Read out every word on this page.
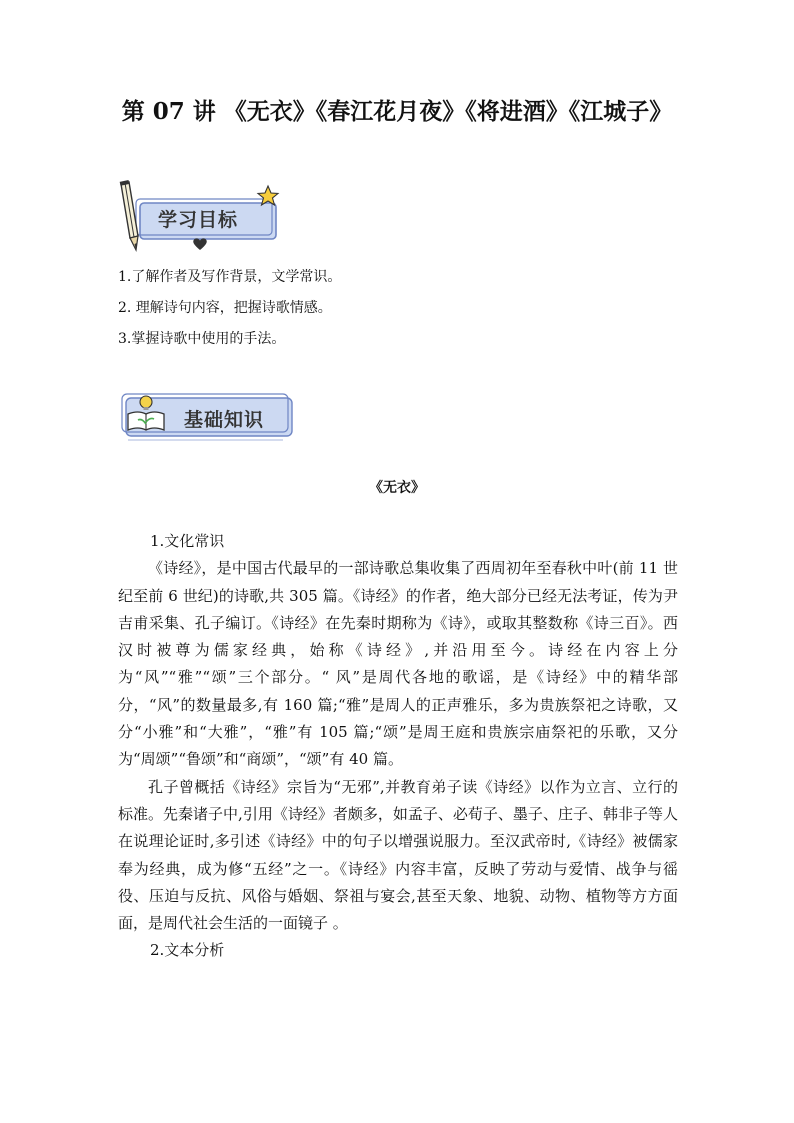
第 07 讲 《无衣》《春江花月夜》《将进酒》《江城子》
学习目标
1.了解作者及写作背景，文学常识。
2. 理解诗句内容，把握诗歌情感。
3.掌握诗歌中使用的手法。
基础知识
《无衣》

1.文化常识

《诗经》，是中国古代最早的一部诗歌总集收集了西周初年至春秋中叶(前 11 世纪至前 6 世纪)的诗歌,共 305 篇。《诗经》的作者，绝大部分已经无法考证，传为尹吉甫采集、孔子编订。《诗经》在先秦时期称为《诗》，或取其整数称《诗三百》。西汉时被尊为儒家经典，始称《诗经》,并沿用至今。诗经在内容上分为“风”“雅”“颂”三个部分。“ 风”是周代各地的歌谣，是《诗经》中的精华部分，“风”的数量最多,有 160 篇;“雅”是周人的正声雅乐，多为贵族祭祀之诗歌，又分“小雅”和“大雅”，“雅”有 105 篇;“颂”是周王庭和贵族宗庙祭祀的乐歌，又分为“周颂”“鲁颂”和“商颂”，“颂”有 40 篇。

孔子曾概括《诗经》宗旨为“无邪”,并教育弟子读《诗经》以作为立言、立行的标准。先秦诸子中,引用《诗经》者颇多，如孟子、必荀子、墨子、庄子、韩非子等人在说理论证时,多引述《诗经》中的句子以增强说服力。至汉武帝时,《诗经》被儒家奉为经典，成为修“五经”之一。《诗经》内容丰富，反映了劳动与爱情、战争与徭役、压迫与反抗、风俗与婚姻、祭祖与宴会,甚至天象、地貌、动物、植物等方方面面，是周代社会生活的一面镜子 。

2.文本分析
